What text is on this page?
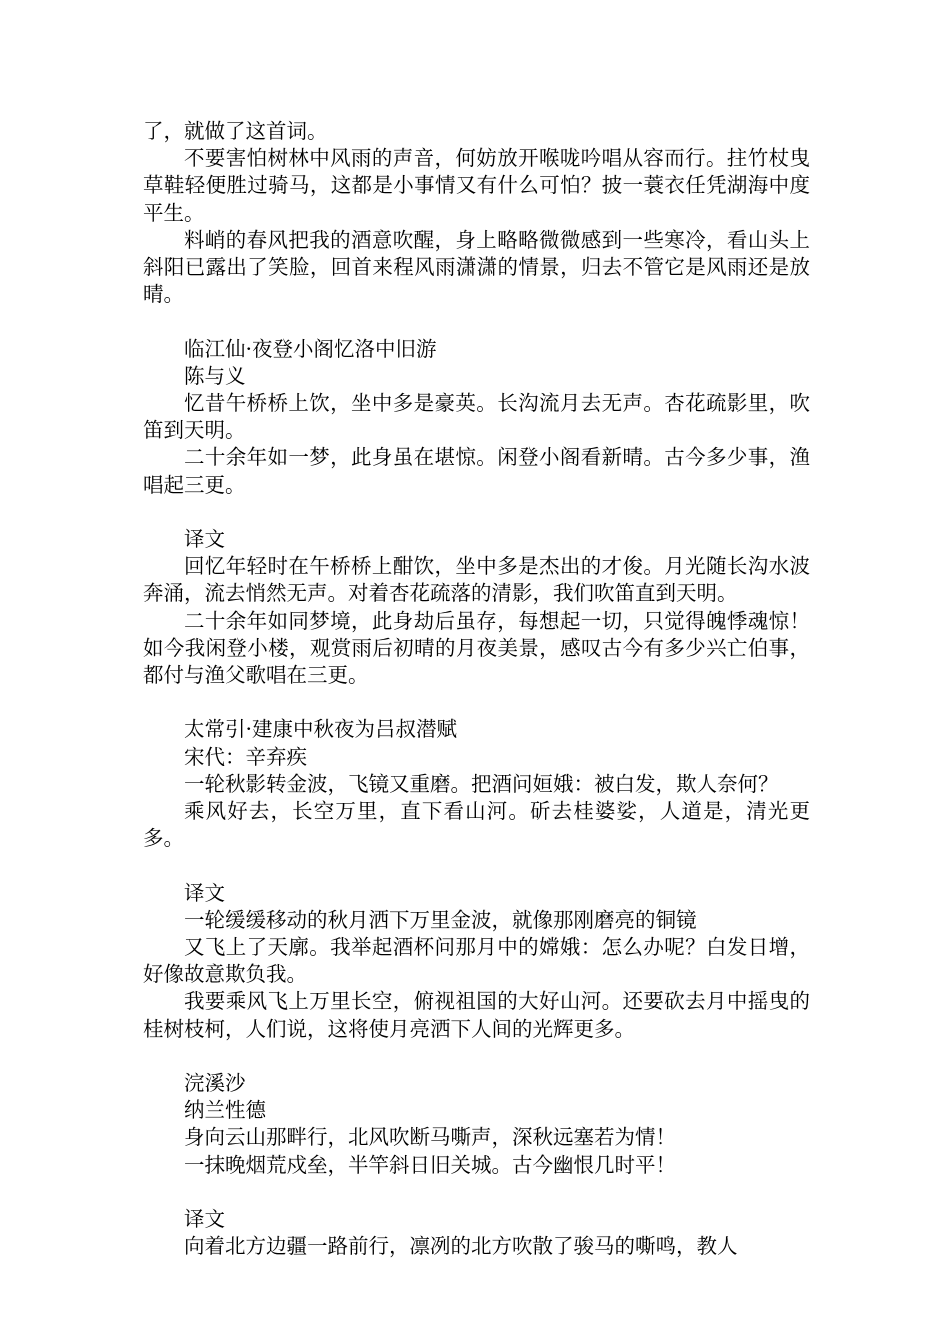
了，就做了这首词。

不要害怕树林中风雨的声音，何妨放开喉咙吟唱从容而行。拄竹杖曳草鞋轻便胜过骑马，这都是小事情又有什么可怕？披一蓑衣任凭湖海中度平生。

料峭的春风把我的酒意吹醒，身上略略微微感到一些寒冷，看山头上斜阳已露出了笑脸，回首来程风雨潇潇的情景，归去不管它是风雨还是放晴。

临江仙·夜登小阁忆洛中旧游

陈与义

忆昔午桥桥上饮，坐中多是豪英。长沟流月去无声。杏花疏影里，吹笛到天明。

二十余年如一梦，此身虽在堪惊。闲登小阁看新晴。古今多少事，渔唱起三更。

译文

回忆年轻时在午桥桥上酣饮，坐中多是杰出的才俊。月光随长沟水波奔涌，流去悄然无声。对着杏花疏落的清影，我们吹笛直到天明。

二十余年如同梦境，此身劫后虽存，每想起一切，只觉得魄悸魂惊！如今我闲登小楼，观赏雨后初晴的月夜美景，感叹古今有多少兴亡伯事，都付与渔父歌唱在三更。

太常引·建康中秋夜为吕叔潜赋

宋代：辛弃疾

一轮秋影转金波，飞镜又重磨。把酒问姮娥：被白发，欺人奈何？

乘风好去，长空万里，直下看山河。斫去桂婆娑，人道是，清光更多。

译文

一轮缓缓移动的秋月洒下万里金波，就像那刚磨亮的铜镜

又飞上了天廓。我举起酒杯问那月中的嫦娥：怎么办呢？白发日增，好像故意欺负我。

我要乘风飞上万里长空，俯视祖国的大好山河。还要砍去月中摇曳的桂树枝柯，人们说，这将使月亮洒下人间的光辉更多。

浣溪沙

纳兰性德

身向云山那畔行，北风吹断马嘶声，深秋远塞若为情！

一抹晚烟荒戍垒，半竿斜日旧关城。古今幽恨几时平！

译文

向着北方边疆一路前行，凛冽的北方吹散了骏马的嘶鸣，教人
